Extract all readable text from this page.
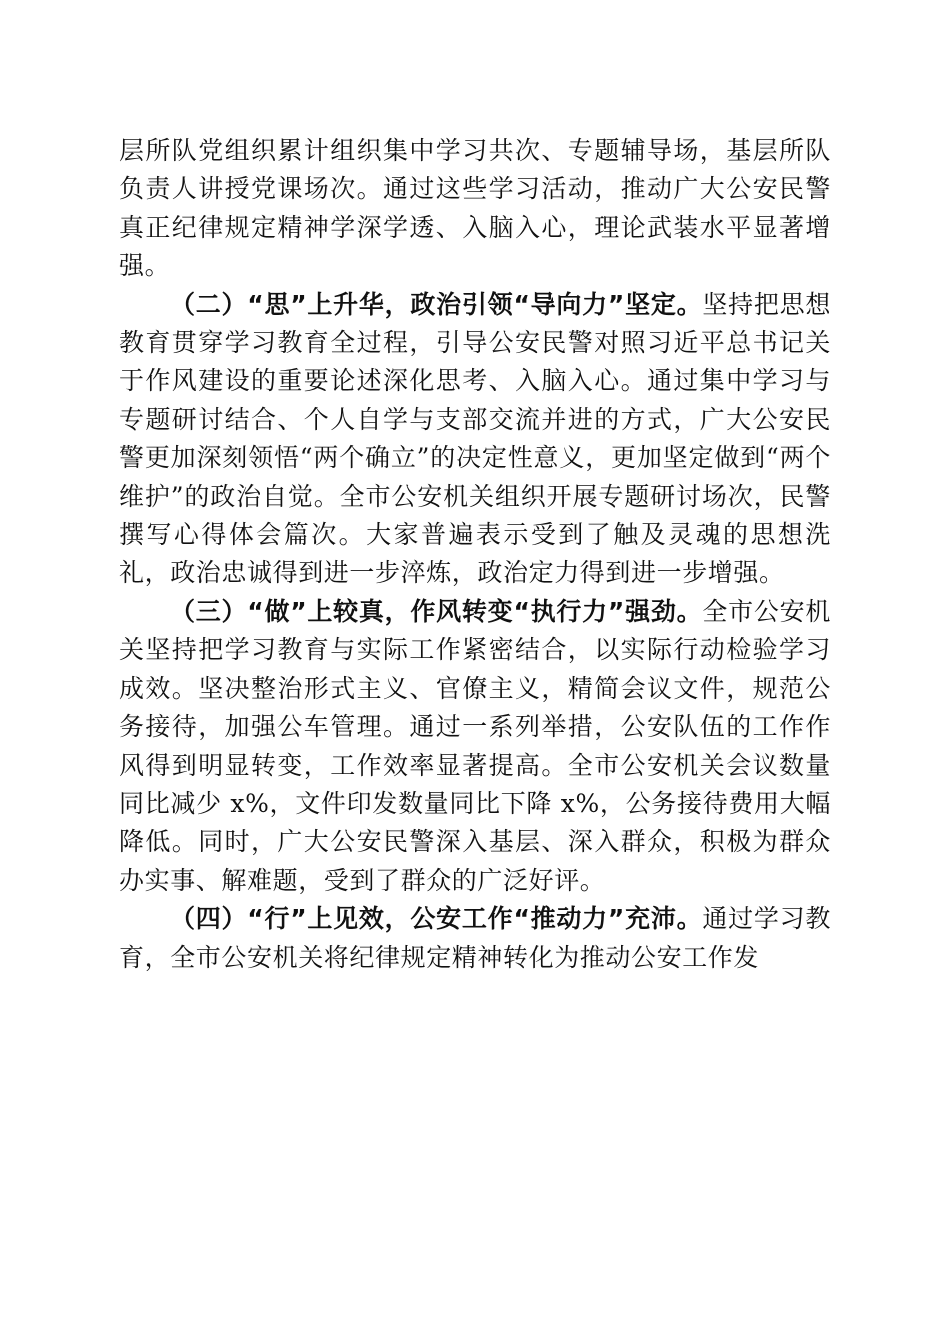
层所队党组织累计组织集中学习共次、专题辅导场，基层所队负责人讲授党课场次。通过这些学习活动，推动广大公安民警真正纪律规定精神学深学透、入脑入心，理论武装水平显著增强。

（二）“思”上升华，政治引领“导向力”坚定。坚持把思想教育贯穿学习教育全过程，引导公安民警对照习近平总书记关于作风建设的重要论述深化思考、入脑入心。通过集中学习与专题研讨结合、个人自学与支部交流并进的方式，广大公安民警更加深刻领悟“两个确立”的决定性意义，更加坚定做到“两个维护”的政治自觉。全市公安机关组织开展专题研讨场次，民警撰写心得体会篇次。大家普遍表示受到了触及灵魂的思想洗礼，政治忠诚得到进一步淬炼，政治定力得到进一步增强。

（三）“做”上较真，作风转变“执行力”强劲。全市公安机关坚持把学习教育与实际工作紧密结合，以实际行动检验学习成效。坚决整治形式主义、官僚主义，精简会议文件，规范公务接待，加强公车管理。通过一系列举措，公安队伍的工作作风得到明显转变，工作效率显著提高。全市公安机关会议数量同比减少 x%，文件印发数量同比下降 x%，公务接待费用大幅降低。同时，广大公安民警深入基层、深入群众，积极为群众办实事、解难题，受到了群众的广泛好评。

（四）“行”上见效，公安工作“推动力”充沛。通过学习教育，全市公安机关将纪律规定精神转化为推动公安工作发
